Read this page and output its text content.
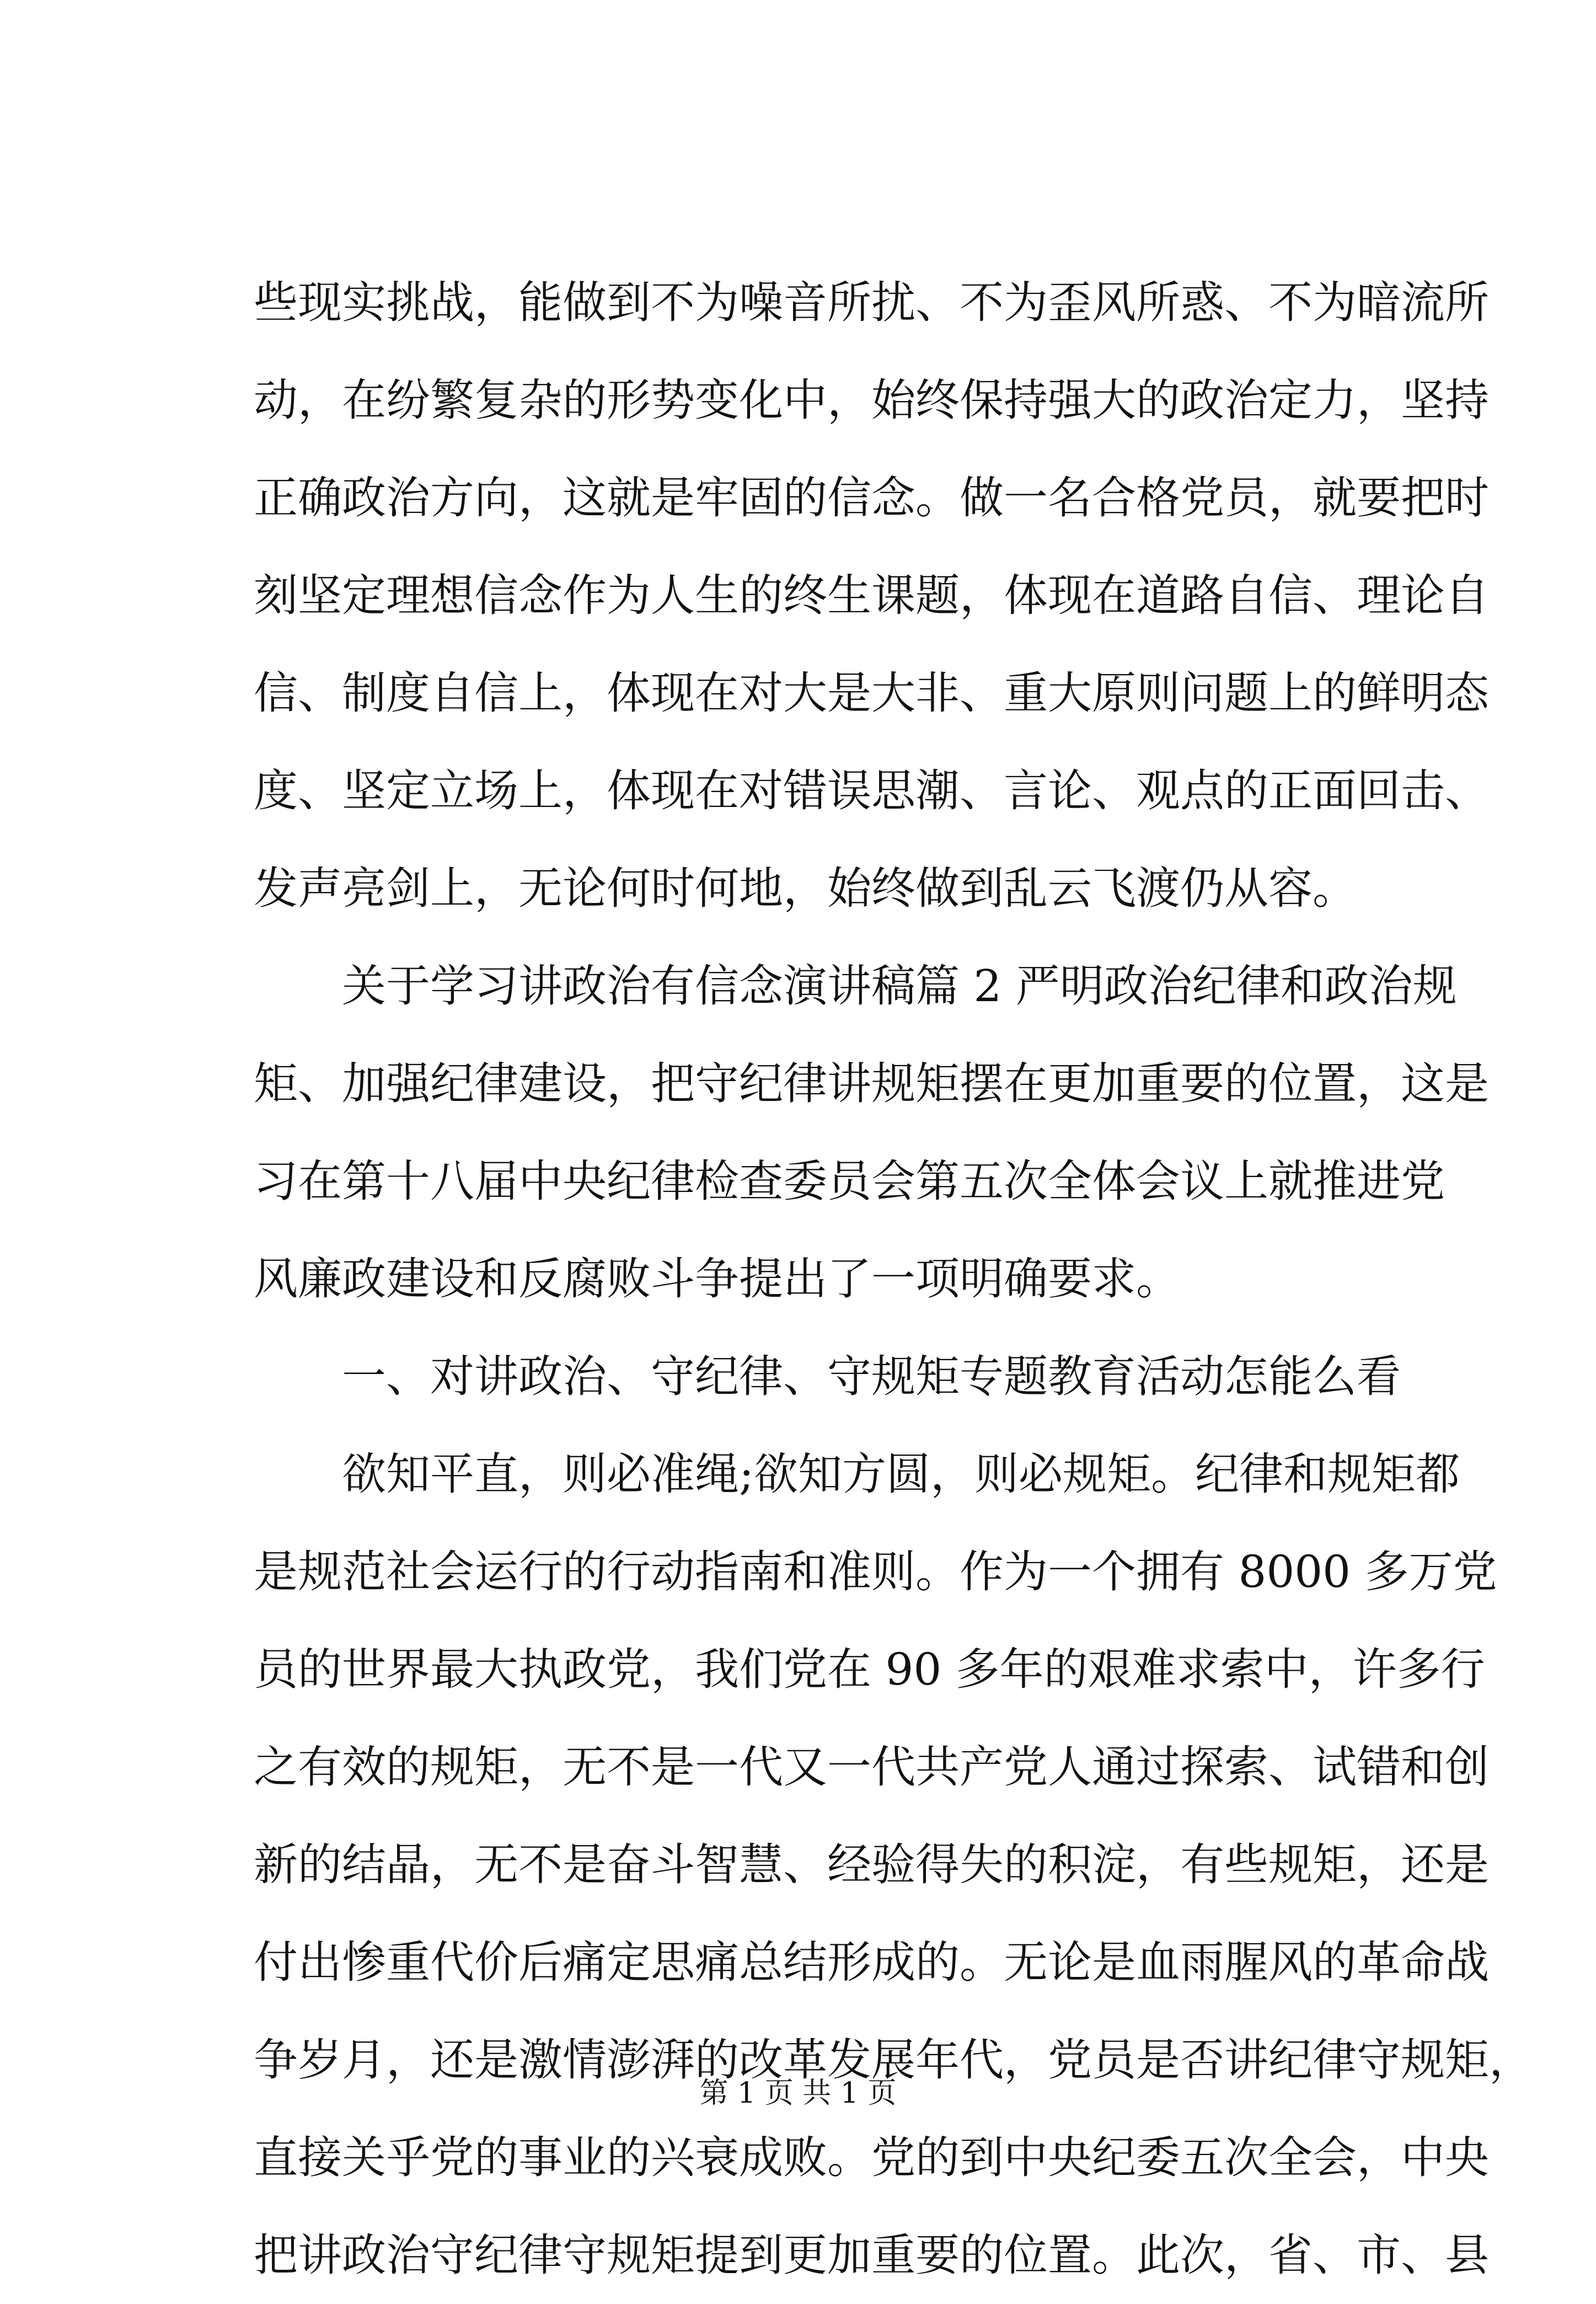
些现实挑战，能做到不为噪音所扰、不为歪风所惑、不为暗流所
动，在纷繁复杂的形势变化中，始终保持强大的政治定力，坚持
正确政治方向，这就是牢固的信念。做一名合格党员，就要把时
刻坚定理想信念作为人生的终生课题，体现在道路自信、理论自
信、制度自信上，体现在对大是大非、重大原则问题上的鲜明态
度、坚定立场上，体现在对错误思潮、言论、观点的正面回击、
发声亮剑上，无论何时何地，始终做到乱云飞渡仍从容。
关于学习讲政治有信念演讲稿篇 2 严明政治纪律和政治规
矩、加强纪律建设，把守纪律讲规矩摆在更加重要的位置，这是
习在第十八届中央纪律检查委员会第五次全体会议上就推进党
风廉政建设和反腐败斗争提出了一项明确要求。
一、对讲政治、守纪律、守规矩专题教育活动怎能么看
欲知平直，则必准绳;欲知方圆，则必规矩。纪律和规矩都
是规范社会运行的行动指南和准则。作为一个拥有 8000 多万党
员的世界最大执政党，我们党在 90 多年的艰难求索中，许多行
之有效的规矩，无不是一代又一代共产党人通过探索、试错和创
新的结晶，无不是奋斗智慧、经验得失的积淀，有些规矩，还是
付出惨重代价后痛定思痛总结形成的。无论是血雨腥风的革命战
争岁月，还是激情澎湃的改革发展年代，党员是否讲纪律守规矩，
直接关乎党的事业的兴衰成败。党的到中央纪委五次全会，中央
把讲政治守纪律守规矩提到更加重要的位置。此次，省、市、县
第 1 页 共 1 页
